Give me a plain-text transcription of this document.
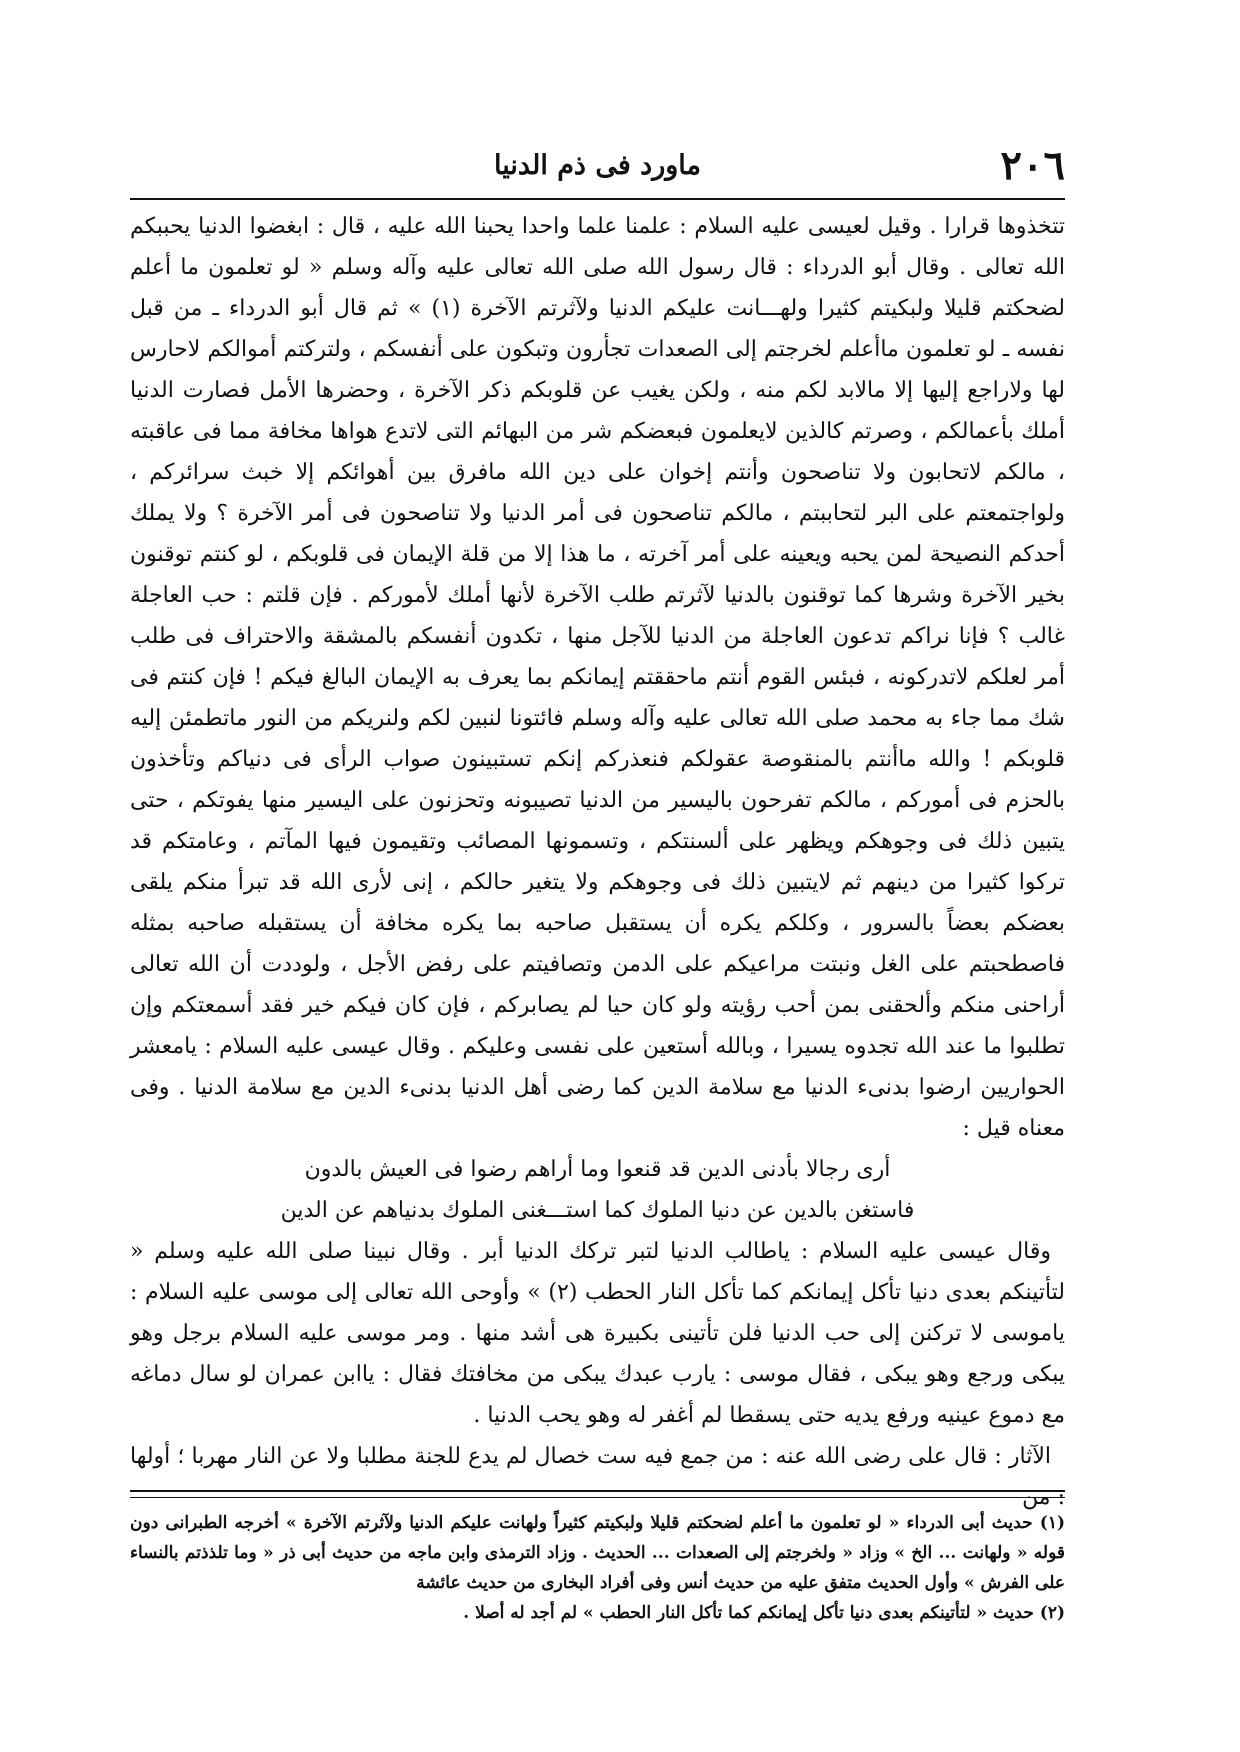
٢٠٦
ماورد فى ذم الدنيا

تتخذوها قرارا . وقيل لعيسى عليه السلام : علمنا علما واحدا يحبنا الله عليه ، قال : ابغضوا الدنيا يحببكم الله تعالى . وقال أبو الدرداء : قال رسول الله صلى الله تعالى عليه وآله وسلم « لو تعلمون ما أعلم لضحكتم قليلا ولبكيتم كثيرا ولهـــانت عليكم الدنيا ولآثرتم الآخرة (١) » ثم قال أبو الدرداء ـ من قبل نفسه ـ لو تعلمون ماأعلم لخرجتم إلى الصعدات تجأرون وتبكون على أنفسكم ، ولتركتم أموالكم لاحارس لها ولاراجع إليها إلا مالابد لكم منه ، ولكن يغيب عن قلوبكم ذكر الآخرة ، وحضرها الأمل فصارت الدنيا أملك بأعمالكم ، وصرتم كالذين لايعلمون فبعضكم شر من البهائم التى لاتدع هواها مخافة مما فى عاقبته ، مالكم لاتحابون ولا تناصحون وأنتم إخوان على دين الله مافرق بين أهوائكم إلا خبث سرائركم ، ولواجتمعتم على البر لتحاببتم ، مالكم تناصحون فى أمر الدنيا ولا تناصحون فى أمر الآخرة ؟ ولا يملك أحدكم النصيحة لمن يحبه ويعينه على أمر آخرته ، ما هذا إلا من قلة الإيمان فى قلوبكم ، لو كنتم توقنون بخير الآخرة وشرها كما توقنون بالدنيا لآثرتم طلب الآخرة لأنها أملك لأموركم . فإن قلتم : حب العاجلة غالب ؟ فإنا نراكم تدعون العاجلة من الدنيا للآجل منها ، تكدون أنفسكم بالمشقة والاحتراف فى طلب أمر لعلكم لاتدركونه ، فبئس القوم أنتم ماحققتم إيمانكم بما يعرف به الإيمان البالغ فيكم ! فإن كنتم فى شك مما جاء به محمد صلى الله تعالى عليه وآله وسلم فائتونا لنبين لكم ولنريكم من النور ماتطمئن إليه قلوبكم ! والله ماأنتم بالمنقوصة عقولكم فنعذركم إنكم تستبينون صواب الرأى فى دنياكم وتأخذون بالحزم فى أموركم ، مالكم تفرحون باليسير من الدنيا تصيبونه وتحزنون على اليسير منها يفوتكم ، حتى يتبين ذلك فى وجوهكم ويظهر على ألسنتكم ، وتسمونها المصائب وتقيمون فيها المآتم ، وعامتكم قد تركوا كثيرا من دينهم ثم لايتبين ذلك فى وجوهكم ولا يتغير حالكم ، إنى لأرى الله قد تبرأ منكم يلقى بعضكم بعضاً بالسرور ، وكلكم يكره أن يستقبل صاحبه بما يكره مخافة أن يستقبله صاحبه بمثله فاصطحبتم على الغل ونبتت مراعيكم على الدمن وتصافيتم على رفض الأجل ، ولوددت أن الله تعالى أراحنى منكم وألحقنى بمن أحب رؤيته ولو كان حيا لم يصابركم ، فإن كان فيكم خير فقد أسمعتكم وإن تطلبوا ما عند الله تجدوه يسيرا ، وبالله أستعين على نفسى وعليكم . وقال عيسى عليه السلام : يامعشر الحواريين ارضوا بدنىء الدنيا مع سلامة الدين كما رضى أهل الدنيا بدنىء الدين مع سلامة الدنيا . وفى معناه قيل :

أرى رجالا بأدنى الدين قد قنعوا وما أراهم رضوا فى العيش بالدون
فاستغن بالدين عن دنيا الملوك كما استـــغنى الملوك بدنياهم عن الدين

وقال عيسى عليه السلام : ياطالب الدنيا لتبر تركك الدنيا أبر . وقال نبينا صلى الله عليه وسلم « لتأتينكم بعدى دنيا تأكل إيمانكم كما تأكل النار الحطب (٢) » وأوحى الله تعالى إلى موسى عليه السلام : ياموسى لا تركنن إلى حب الدنيا فلن تأتينى بكبيرة هى أشد منها . ومر موسى عليه السلام برجل وهو يبكى ورجع وهو يبكى ، فقال موسى : يارب عبدك يبكى من مخافتك فقال : ياابن عمران لو سال دماغه مع دموع عينيه ورفع يديه حتى يسقطا لم أغفر له وهو يحب الدنيا .

الآثار : قال على رضى الله عنه : من جمع فيه ست خصال لم يدع للجنة مطلبا ولا عن النار مهربا ؛ أولها : من

(١) حديث أبى الدرداء « لو تعلمون ما أعلم لضحكتم قليلا ولبكيتم كثيراً ولهانت عليكم الدنيا ولآثرتم الآخرة » أخرجه الطبرانى دون قوله « ولهانت ... الخ » وزاد « ولخرجتم إلى الصعدات ... الحديث . وزاد الترمذى وابن ماجه من حديث أبى ذر « وما تلذذتم بالنساء على الفرش » وأول الحديث متفق عليه من حديث أنس وفى أفراد البخارى من حديث عائشة

(٢) حديث « لتأتينكم بعدى دنيا تأكل إيمانكم كما تأكل النار الحطب » لم أجد له أصلا .
